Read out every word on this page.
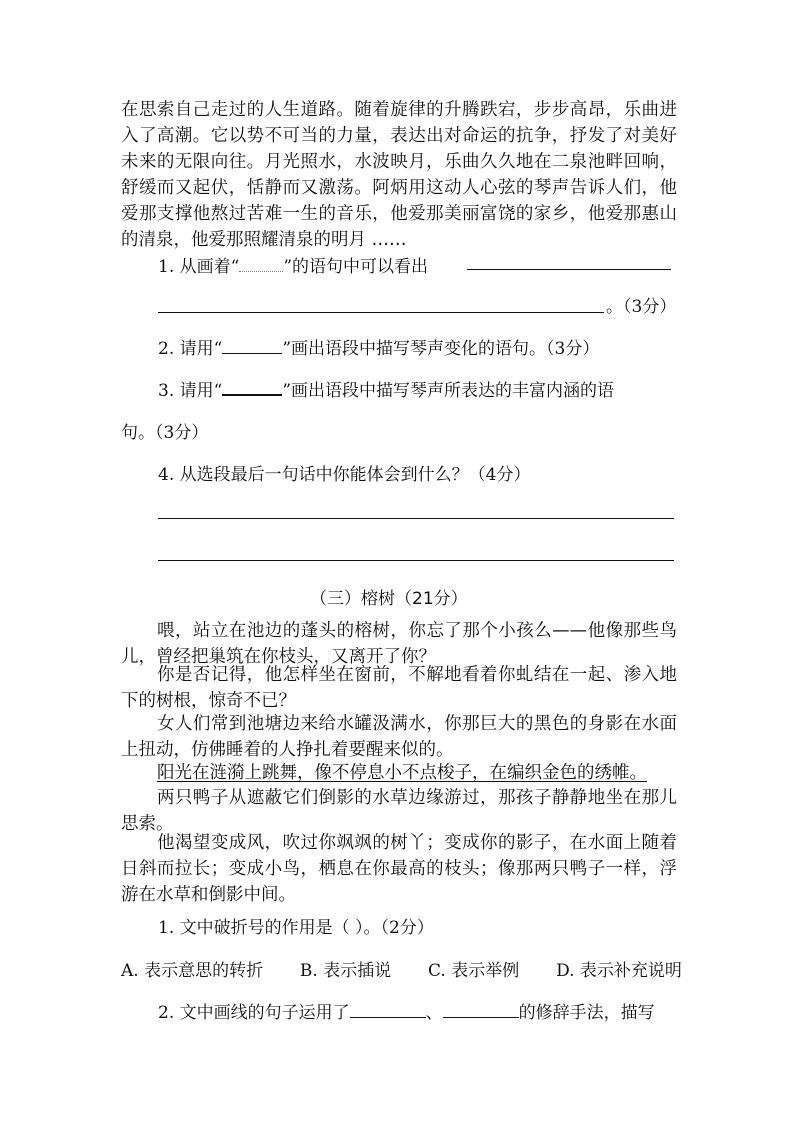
在思索自己走过的人生道路。随着旋律的升腾跌宕，步步高昂，乐曲进入了高潮。它以势不可当的力量，表达出对命运的抗争，抒发了对美好未来的无限向往。月光照水，水波映月，乐曲久久地在二泉池畔回响，舒缓而又起伏，恬静而又激荡。阿炳用这动人心弦的琴声告诉人们，他爱那支撑他熬过苦难一生的音乐，他爱那美丽富饶的家乡，他爱那惠山的清泉，他爱那照耀清泉的明月 ……
1. 从画着“	”的语句中可以看出
。（3分）
2. 请用“	”画出语段中描写琴声变化的语句。（3分）
3. 请用“	”画出语段中描写琴声所表达的丰富内涵的语
句。（3分）
4. 从选段最后一句话中你能体会到什么？（4分）
（三）榕树（21分）
喂，站立在池边的蓬头的榕树，你忘了那个小孩么——他像那些鸟儿，曾经把巢筑在你枝头，又离开了你？
你是否记得，他怎样坐在窗前，不解地看着你虬结在一起、渗入地下的树根，惊奇不已？
女人们常到池塘边来给水罐汲满水，你那巨大的黑色的身影在水面上扭动，仿佛睡着的人挣扎着要醒来似的。
阳光在涟漪上跳舞，像不停息小不点梭子，在编织金色的绣帷。
两只鸭子从遮蔽它们倒影的水草边缘游过，那孩子静静地坐在那儿思索。
他渴望变成风，吹过你飒飒的树丫；变成你的影子，在水面上随着日斜而拉长；变成小鸟，栖息在你最高的枝头；像那两只鸭子一样，浮游在水草和倒影中间。
1. 文中破折号的作用是（ ）。（2分）
A. 表示意思的转折 B. 表示插说 C. 表示举例 D. 表示补充说明
2. 文中画线的句子运用了	、	的修辞手法，描写
